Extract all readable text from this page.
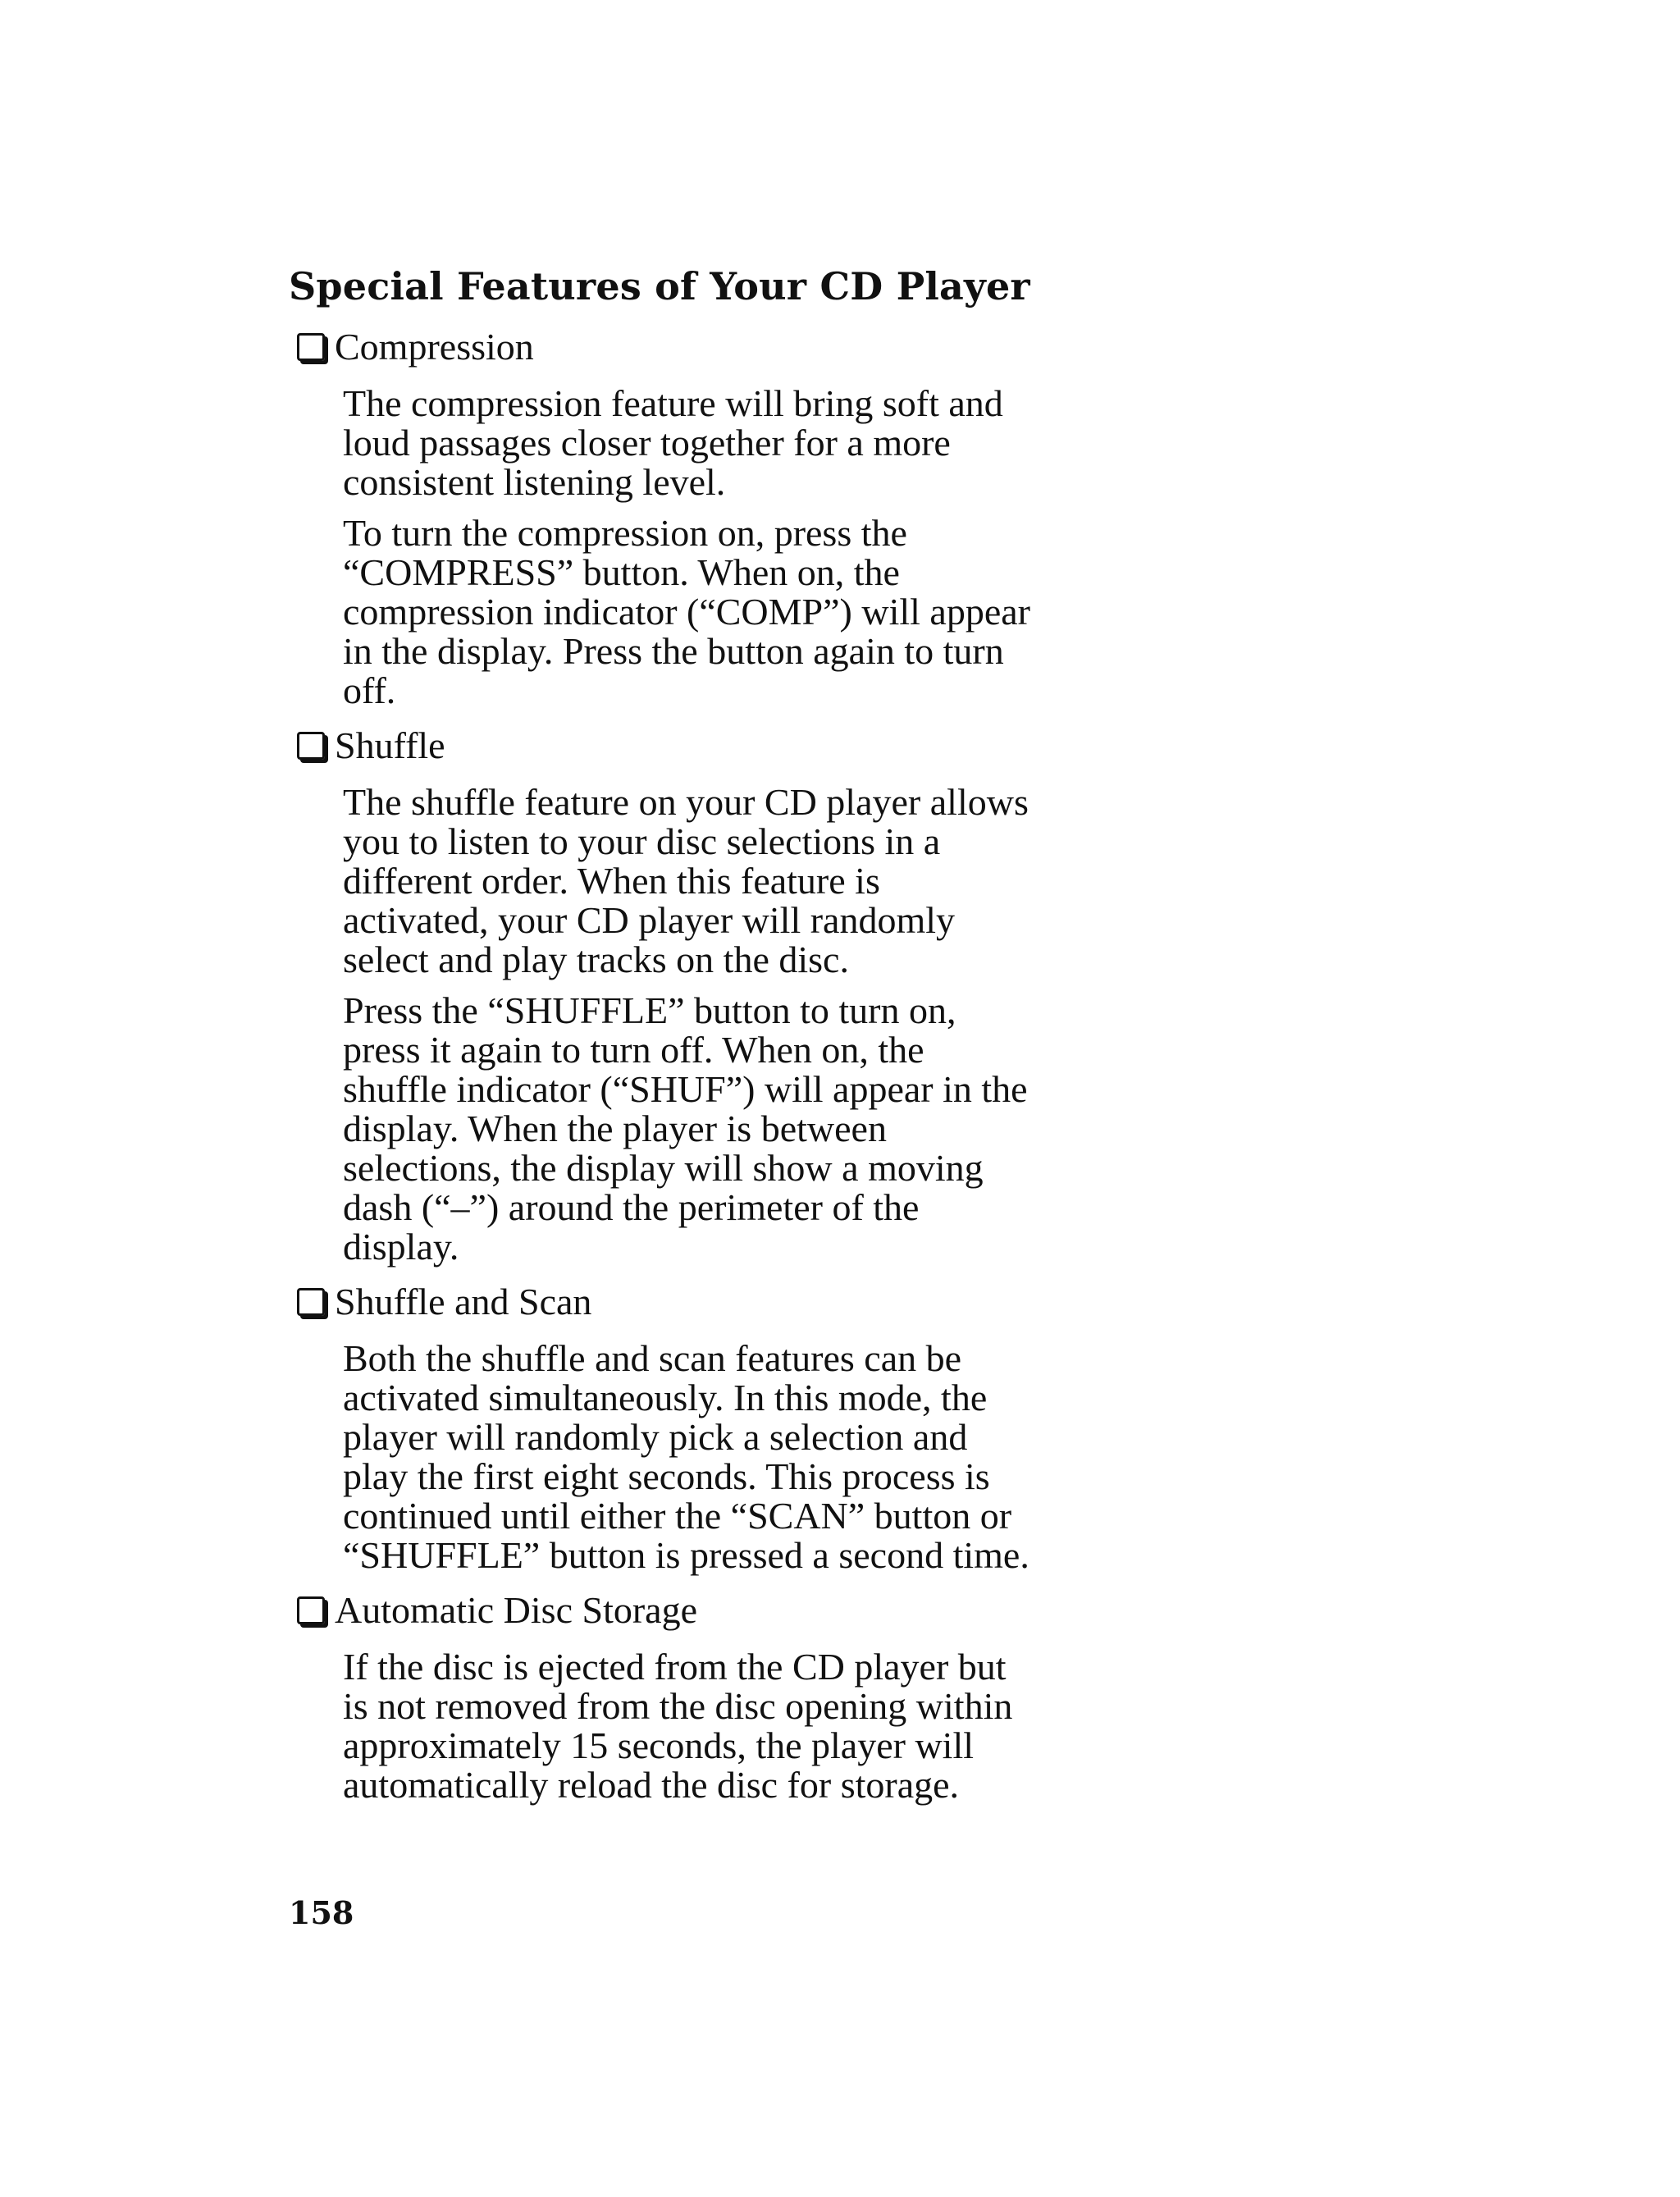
Special Features of Your CD Player
Compression

The compression feature will bring soft and
loud passages closer together for a more
consistent listening level.

To turn the compression on, press the
“COMPRESS” button. When on, the
compression indicator (“COMP”) will appear
in the display. Press the button again to turn
off.

Shuffle

The shuffle feature on your CD player allows
you to listen to your disc selections in a
different order. When this feature is
activated, your CD player will randomly
select and play tracks on the disc.

Press the “SHUFFLE” button to turn on,
press it again to turn off. When on, the
shuffle indicator (“SHUF”) will appear in the
display. When the player is between
selections, the display will show a moving
dash (“–”) around the perimeter of the
display.

Shuffle and Scan

Both the shuffle and scan features can be
activated simultaneously. In this mode, the
player will randomly pick a selection and
play the first eight seconds. This process is
continued until either the “SCAN” button or
“SHUFFLE” button is pressed a second time.

Automatic Disc Storage

If the disc is ejected from the CD player but
is not removed from the disc opening within
approximately 15 seconds, the player will
automatically reload the disc for storage.

158
